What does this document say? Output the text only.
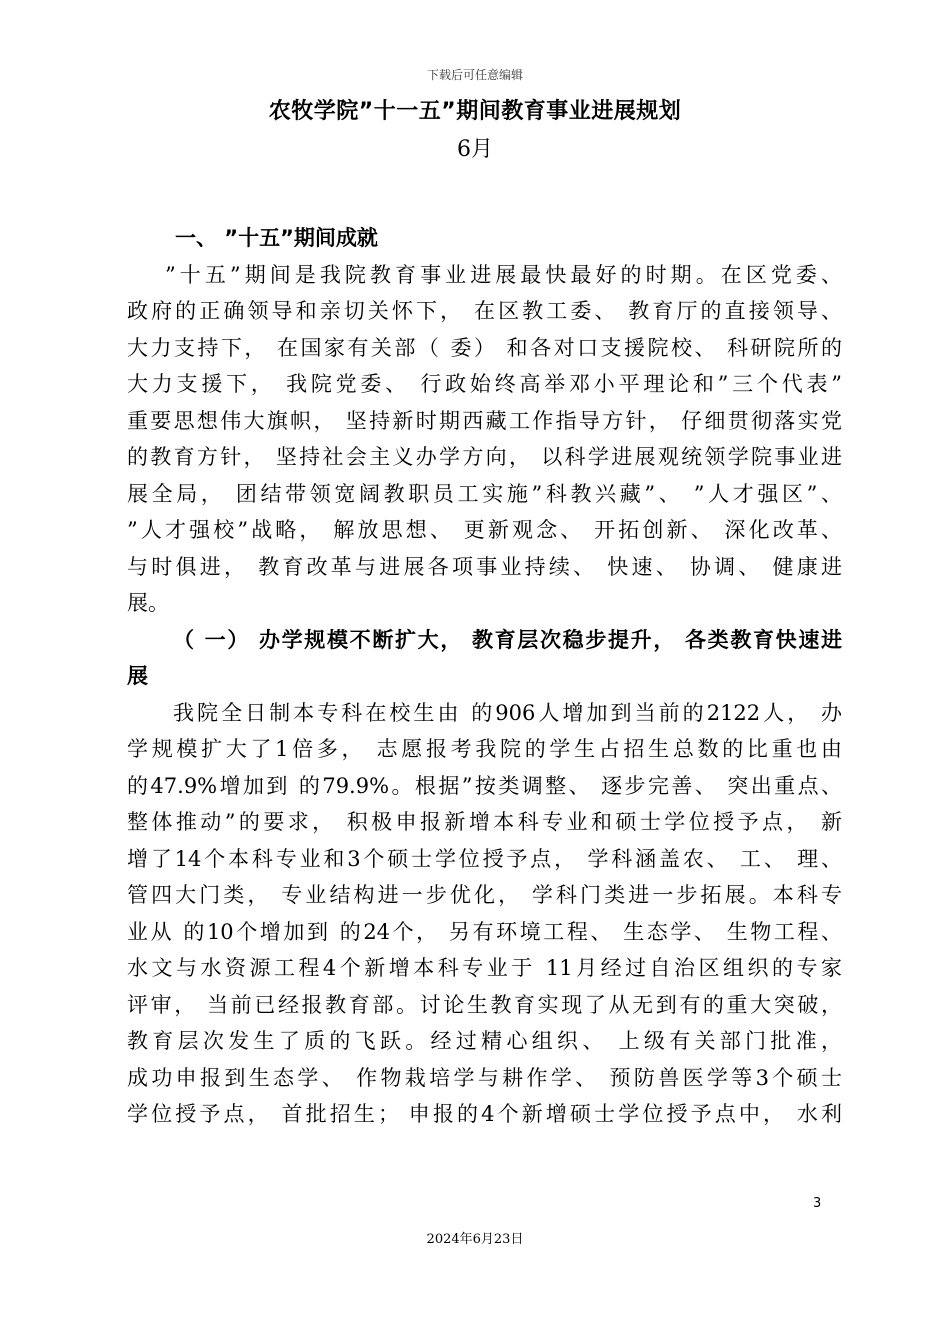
下载后可任意编辑
农牧学院”十一五”期间教育事业进展规划
6月
一、 ”十五”期间成就
”十五”期间是我院教育事业进展最快最好的时期。在区党委、
政府的正确领导和亲切关怀下， 在区教工委、 教育厅的直接领导、
大力支持下， 在国家有关部（ 委） 和各对口支援院校、 科研院所的
大力支援下， 我院党委、 行政始终高举邓小平理论和”三个代表”
重要思想伟大旗帜， 坚持新时期西藏工作指导方针， 仔细贯彻落实党
的教育方针， 坚持社会主义办学方向， 以科学进展观统领学院事业进
展全局， 团结带领宽阔教职员工实施”科教兴藏”、 ”人才强区”、
”人才强校”战略， 解放思想、 更新观念、 开拓创新、 深化改革、
与时俱进， 教育改革与进展各项事业持续、 快速、 协调、 健康进
展。
（ 一） 办学规模不断扩大， 教育层次稳步提升， 各类教育快速进
展
我院全日制本专科在校生由 的906人增加到当前的2122人， 办
学规模扩大了1倍多， 志愿报考我院的学生占招生总数的比重也由
的47.9%增加到 的79.9%。根据”按类调整、 逐步完善、 突出重点、
整体推动”的要求， 积极申报新增本科专业和硕士学位授予点， 新
增了14个本科专业和3个硕士学位授予点， 学科涵盖农、 工、 理、
管四大门类， 专业结构进一步优化， 学科门类进一步拓展。本科专
业从 的10个增加到 的24个， 另有环境工程、 生态学、 生物工程、
水文与水资源工程4个新增本科专业于 11月经过自治区组织的专家
评审， 当前已经报教育部。讨论生教育实现了从无到有的重大突破，
教育层次发生了质的飞跃。经过精心组织、 上级有关部门批准，
成功申报到生态学、 作物栽培学与耕作学、 预防兽医学等3个硕士
学位授予点， 首批招生； 申报的4个新增硕士学位授予点中， 水利
3
2024年6月23日
